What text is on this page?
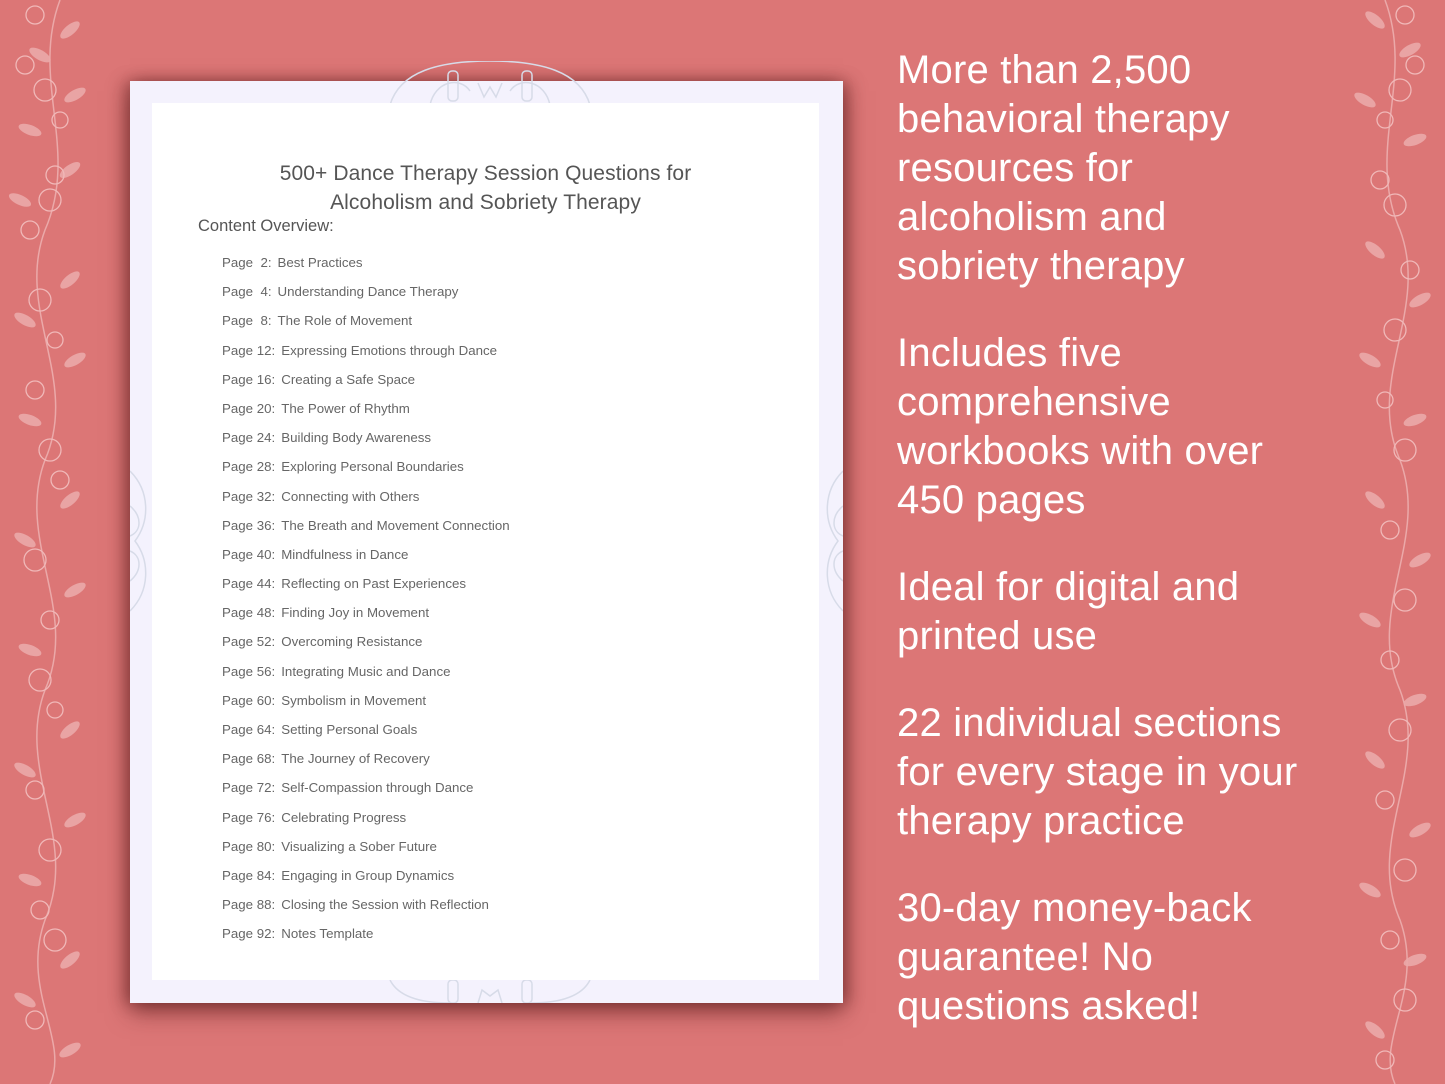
500+ Dance Therapy Session Questions for
Alcoholism and Sobriety Therapy
Content Overview:
Page  2: Best Practices
Page  4: Understanding Dance Therapy
Page  8: The Role of Movement
Page 12: Expressing Emotions through Dance
Page 16: Creating a Safe Space
Page 20: The Power of Rhythm
Page 24: Building Body Awareness
Page 28: Exploring Personal Boundaries
Page 32: Connecting with Others
Page 36: The Breath and Movement Connection
Page 40: Mindfulness in Dance
Page 44: Reflecting on Past Experiences
Page 48: Finding Joy in Movement
Page 52: Overcoming Resistance
Page 56: Integrating Music and Dance
Page 60: Symbolism in Movement
Page 64: Setting Personal Goals
Page 68: The Journey of Recovery
Page 72: Self-Compassion through Dance
Page 76: Celebrating Progress
Page 80: Visualizing a Sober Future
Page 84: Engaging in Group Dynamics
Page 88: Closing the Session with Reflection
Page 92: Notes Template

More than 2,500 behavioral therapy resources for alcoholism and sobriety therapy

Includes five comprehensive workbooks with over 450 pages

Ideal for digital and printed use

22 individual sections for every stage in your therapy practice

30-day money-back guarantee! No questions asked!
